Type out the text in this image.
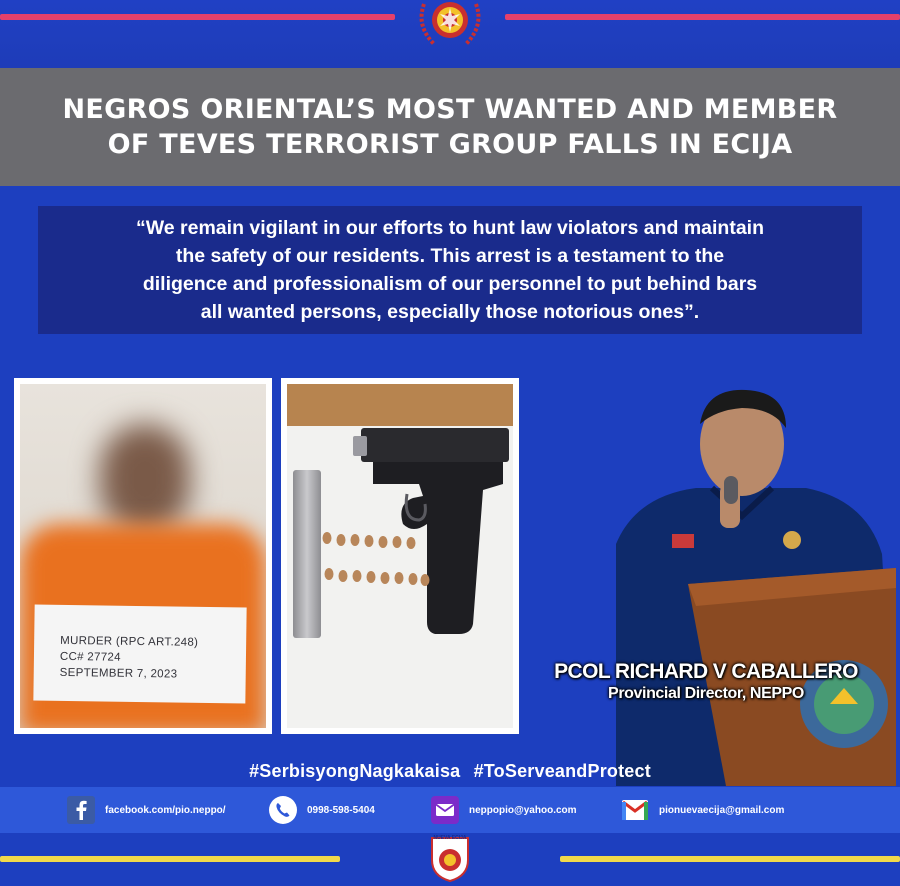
NEGROS ORIENTAL’S MOST WANTED AND MEMBER
OF TEVES TERRORIST GROUP FALLS IN ECIJA
“We remain vigilant in our efforts to hunt law violators and maintain
the safety of our residents. This arrest is a testament to the
diligence and professionalism of our personnel to put behind bars
all wanted persons, especially those notorious ones”.
MURDER (RPC ART.248)
CC# 27724
SEPTEMBER 7, 2023	PCOL RICHARD V CABALLERO
Provincial Director, NEPPO
#SerbisyongNagkakaisa #ToServeandProtect
facebook.com/pio.neppo/	0998-598-5404	neppopio@yahoo.com	pionuevaecija@gmail.com
NUEVA ECIJA
